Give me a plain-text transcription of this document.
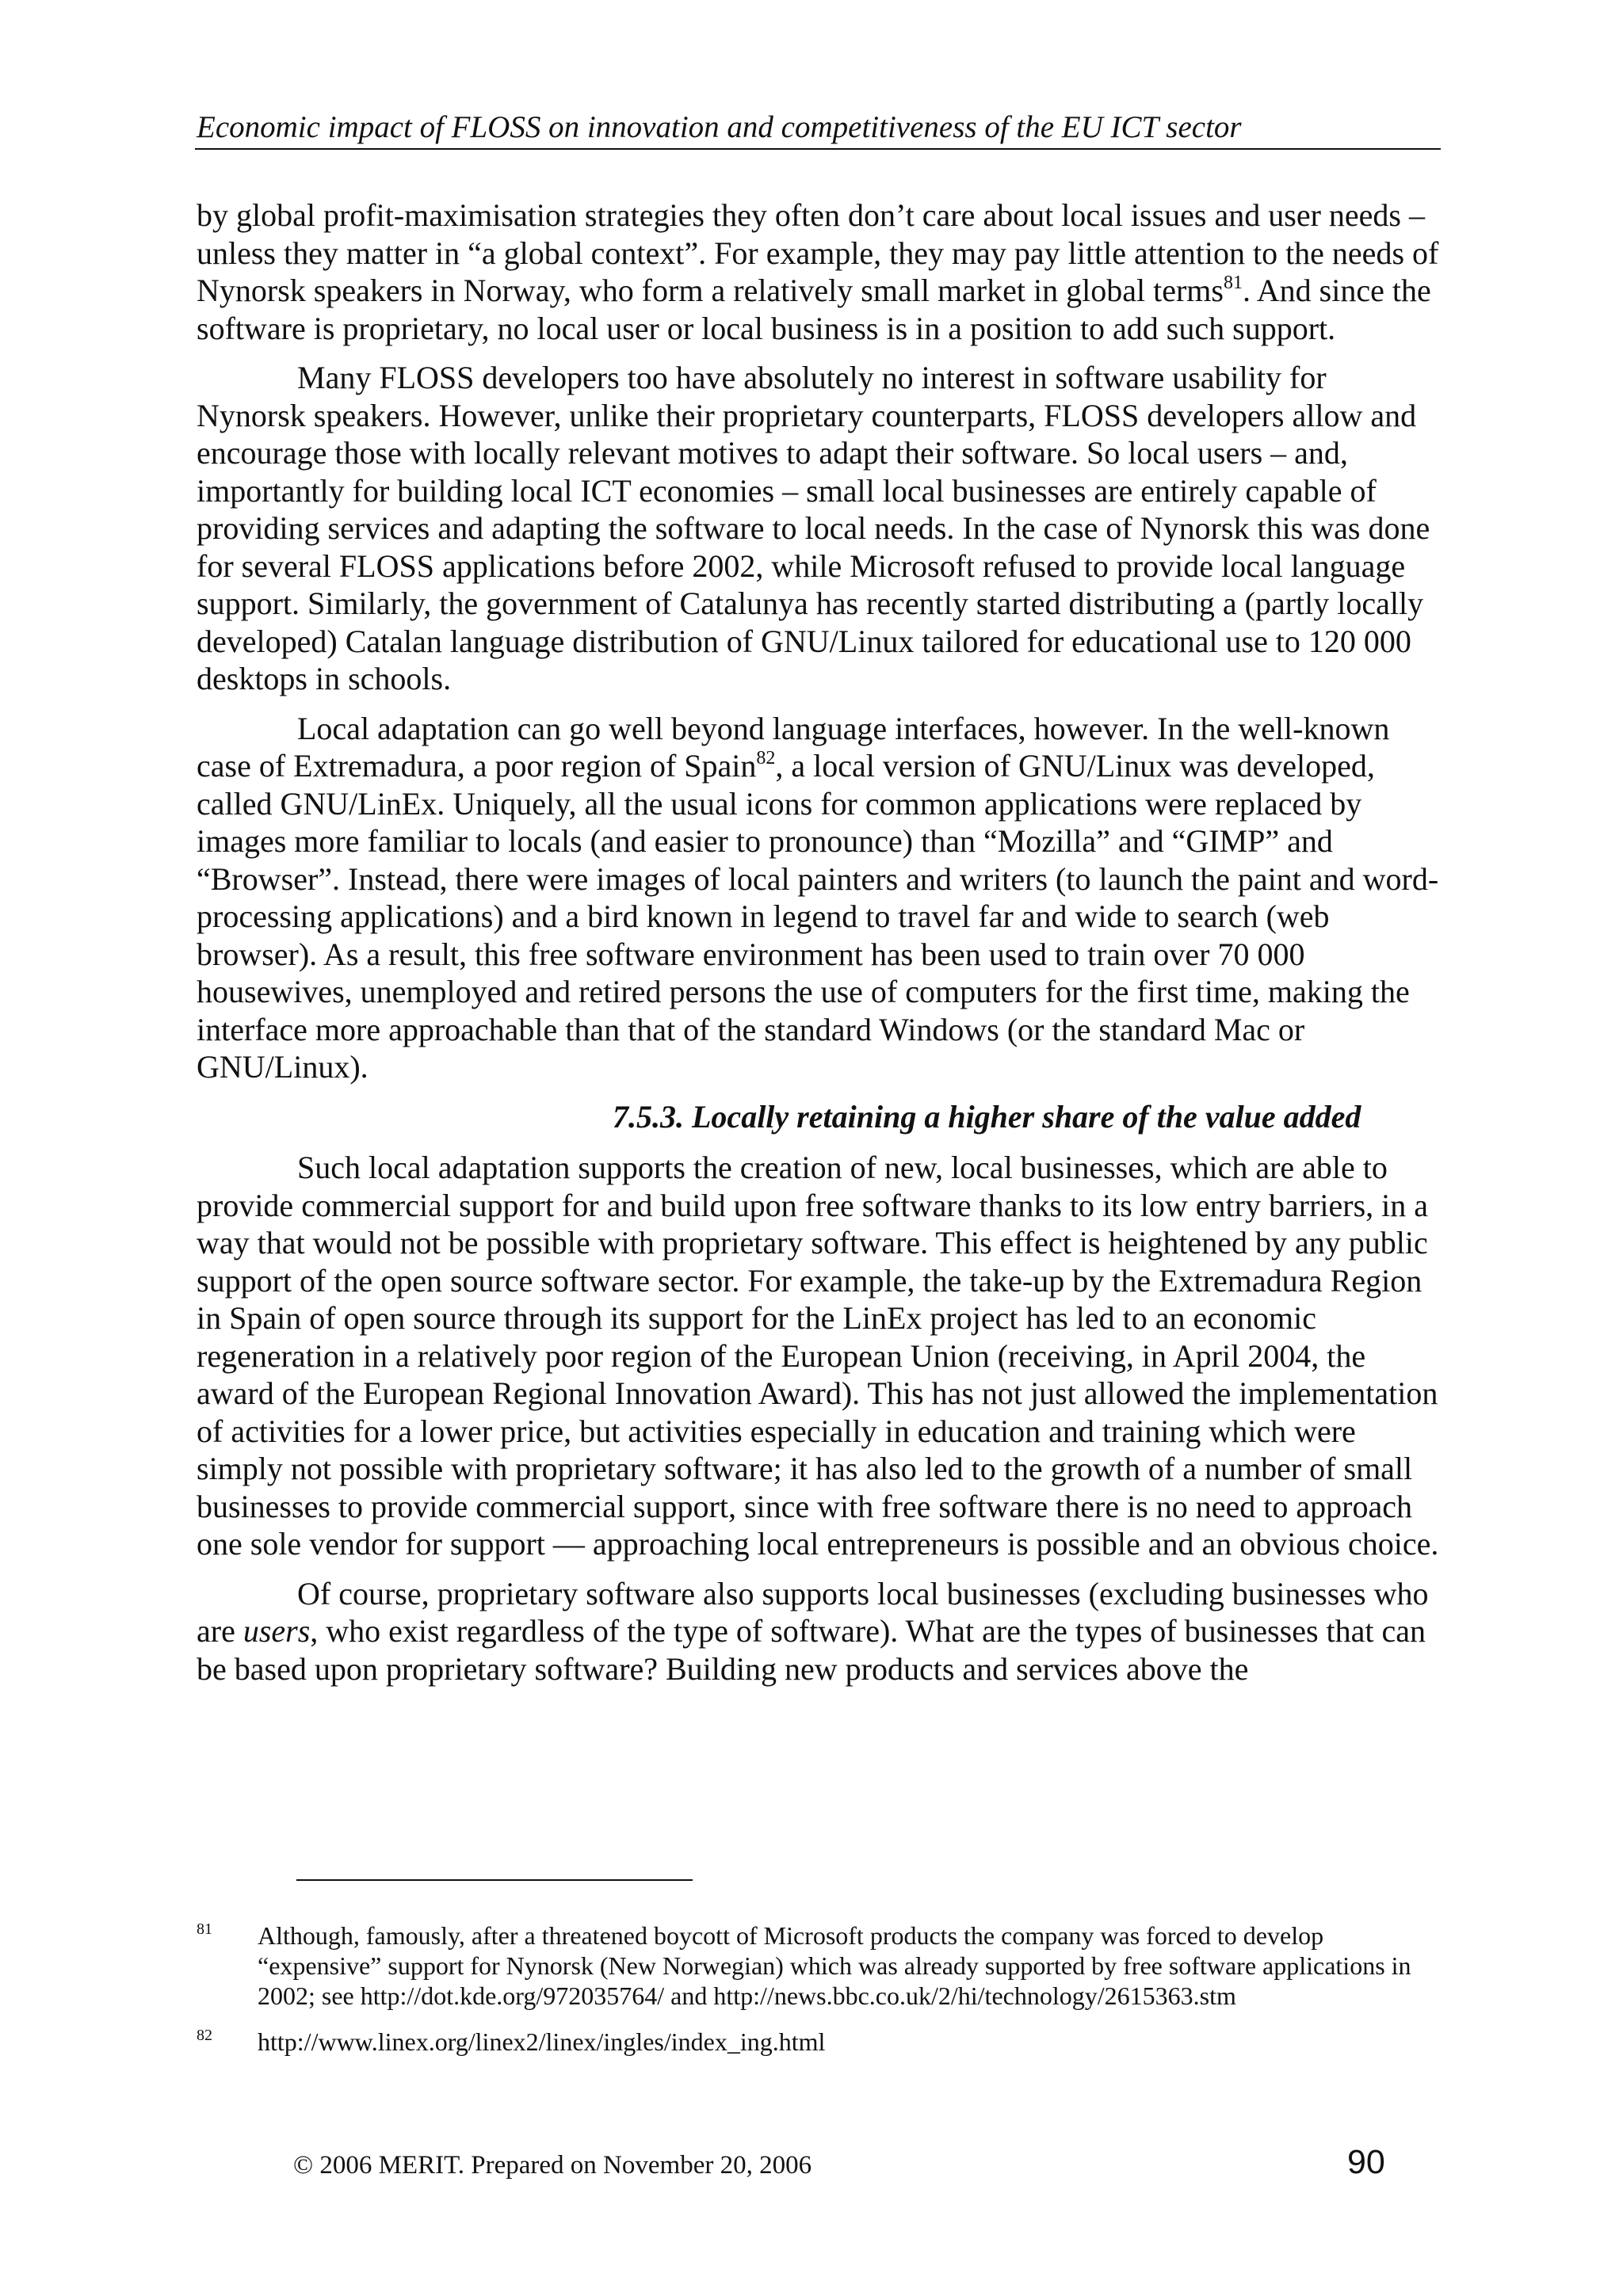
Economic impact of FLOSS on innovation and competitiveness of the EU ICT sector

by global profit-maximisation strategies they often don’t care about local issues and user needs – unless they matter in “a global context”. For example, they may pay little attention to the needs of Nynorsk speakers in Norway, who form a relatively small market in global terms$^{81}$. And since the software is proprietary, no local user or local business is in a position to add such support.

Many FLOSS developers too have absolutely no interest in software usability for Nynorsk speakers. However, unlike their proprietary counterparts, FLOSS developers allow and encourage those with locally relevant motives to adapt their software. So local users – and, importantly for building local ICT economies – small local businesses are entirely capable of providing services and adapting the software to local needs. In the case of Nynorsk this was done for several FLOSS applications before 2002, while Microsoft refused to provide local language support. Similarly, the government of Catalunya has recently started distributing a (partly locally developed) Catalan language distribution of GNU/Linux tailored for educational use to 120 000 desktops in schools.

Local adaptation can go well beyond language interfaces, however. In the well-known case of Extremadura, a poor region of Spain$^{82}$, a local version of GNU/Linux was developed, called GNU/LinEx. Uniquely, all the usual icons for common applications were replaced by images more familiar to locals (and easier to pronounce) than “Mozilla” and “GIMP” and “Browser”. Instead, there were images of local painters and writers (to launch the paint and word-processing applications) and a bird known in legend to travel far and wide to search (web browser). As a result, this free software environment has been used to train over 70 000 housewives, unemployed and retired persons the use of computers for the first time, making the interface more approachable than that of the standard Windows (or the standard Mac or GNU/Linux).

7.5.3. Locally retaining a higher share of the value added

Such local adaptation supports the creation of new, local businesses, which are able to provide commercial support for and build upon free software thanks to its low entry barriers, in a way that would not be possible with proprietary software. This effect is heightened by any public support of the open source software sector. For example, the take-up by the Extremadura Region in Spain of open source through its support for the LinEx project has led to an economic regeneration in a relatively poor region of the European Union (receiving, in April 2004, the award of the European Regional Innovation Award). This has not just allowed the implementation of activities for a lower price, but activities especially in education and training which were simply not possible with proprietary software; it has also led to the growth of a number of small businesses to provide commercial support, since with free software there is no need to approach one sole vendor for support — approaching local entrepreneurs is possible and an obvious choice.

Of course, proprietary software also supports local businesses (excluding businesses who are users, who exist regardless of the type of software). What are the types of businesses that can be based upon proprietary software? Building new products and services above the

$^{81}$ Although, famously, after a threatened boycott of Microsoft products the company was forced to develop “expensive” support for Nynorsk (New Norwegian) which was already supported by free software applications in 2002; see http://dot.kde.org/972035764/ and http://news.bbc.co.uk/2/hi/technology/2615363.stm

$^{82}$ http://www.linex.org/linex2/linex/ingles/index_ing.html

© 2006 MERIT. Prepared on November 20, 2006	90
